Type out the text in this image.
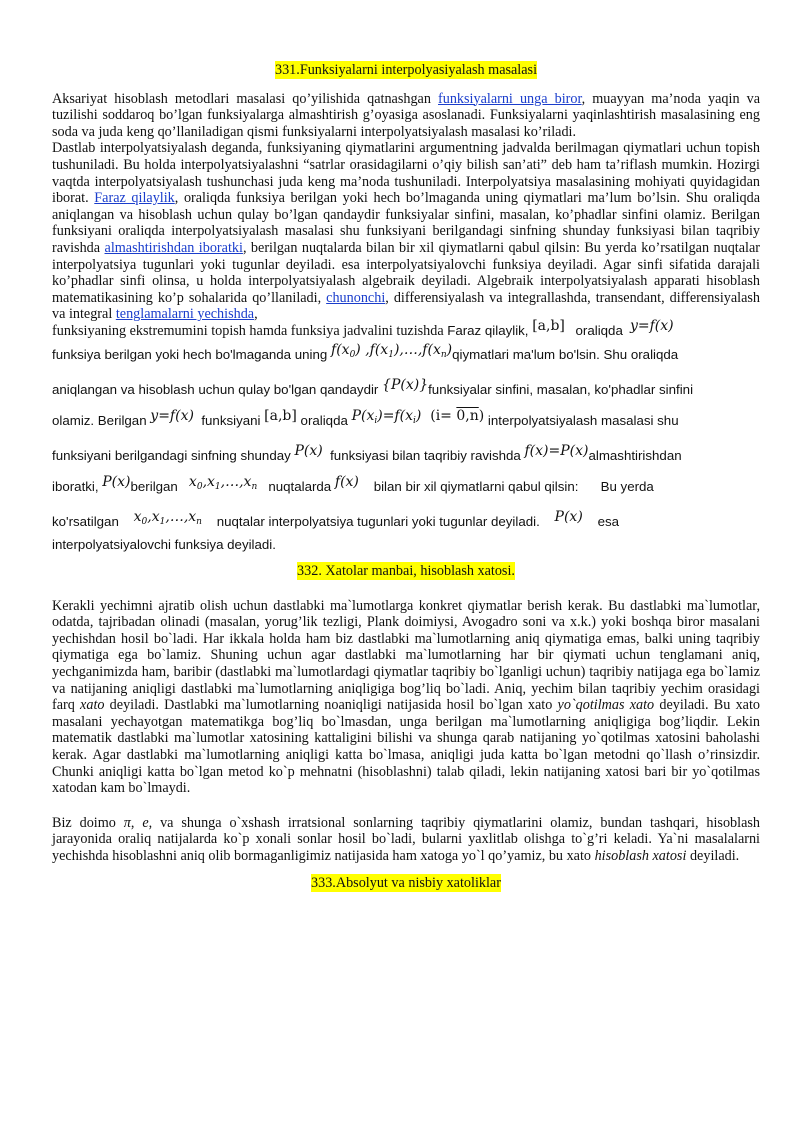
331.Funksiyalarni interpolyasiyalash masalasi

Aksariyat hisoblash metodlari masalasi qo’yilishida qatnashgan funksiyalarni unga biror, muayyan ma’noda yaqin va tuzilishi soddaroq bo’lgan funksiyalarga almashtirish g’oyasiga asoslanadi. Funksiyalarni yaqinlashtirish masalasining eng soda va juda keng qo’llaniladigan qismi funksiyalarni interpolyatsiyalash masalasi ko’riladi.

Dastlab interpolyatsiyalash deganda, funksiyaning qiymatlarini argumentning jadvalda berilmagan qiymatlari uchun topish tushuniladi. Bu holda interpolyatsiyalashni “satrlar orasidagilarni o’qiy bilish san’ati” deb ham ta’riflash mumkin. Hozirgi vaqtda interpolyatsiyalash tushunchasi juda keng ma’noda tushuniladi. Interpolyatsiya masalasining mohiyati quyidagidan iborat. Faraz qilaylik, oraliqda funksiya berilgan yoki hech bo’lmaganda uning qiymatlari ma’lum bo’lsin. Shu oraliqda aniqlangan va hisoblash uchun qulay bo’lgan qandaydir funksiyalar sinfini, masalan, ko’phadlar sinfini olamiz. Berilgan funksiyani oraliqda interpolyatsiyalash masalasi shu funksiyani berilgandagi sinfning shunday funksiyasi bilan taqribiy ravishda almashtirishdan iboratki, berilgan nuqtalarda bilan bir xil qiymatlarni qabul qilsin: Bu yerda ko’rsatilgan nuqtalar interpolyatsiya tugunlari yoki tugunlar deyiladi. esa interpolyatsiyalovchi funksiya deyiladi. Agar sinfi sifatida darajali ko’phadlar sinfi olinsa, u holda interpolyatsiyalash algebraik deyiladi. Algebraik interpolyatsiyalash apparati hisoblash matematikasining ko’p sohalarida qo’llaniladi, chunonchi, differensiyalash va integrallashda, transendant, differensiyalash va integral tenglamalarni yechishda,
funksiyaning ekstremumini topish hamda funksiya jadvalini tuzishda Faraz qilaylik, [a,b] oraliqda y=f(x)

funksiya berilgan yoki hech bo'lmaganda uning $f(x_0)$ $,f(x_1),\dots,f(x_n)qiymatlari$ ma'lum bo'lsin. Shu oraliqda
aniqlangan va hisoblash uchun qulay bo'lgan qandaydir {P(x)}funksiyalar sinfini, masalan, ko'phadlar sinfini
olamiz. Berilgan y=f(x) funksiyani [a,b] oraliqda $P(x_i)=f(x_i)$  (i= 0,n) interpolyatsiyalash masalasi shu
funksiyani berilgandagi sinfning shunday P(x) funksiyasi bilan taqribiy ravishda f(x)=P(x)almashtirishdan
iboratki, P(x)berilgan   $x_0,x_1,\dots,x_n$ nuqtalarda f(x) bilan bir xil qiymatlarni qabul qilsin: Bu yerda
ko'rsatilgan    $x_0,x_1,\dots,x_n$ nuqtalar interpolyatsiya tugunlari yoki tugunlar deyiladi. P(x) esa

interpolyatsiyalovchi funksiya deyiladi.

332. Xatolar manbai, hisoblash xatosi.

Kerakli yechimni ajratib olish uchun dastlabki ma`lumotlarga konkret qiymatlar berish kerak. Bu dastlabki ma`lumotlar, odatda, tajribadan olinadi (masalan, yorug’lik tezligi, Plank doimiysi, Avogadro soni va x.k.) yoki boshqa biror masalani yechishdan hosil bo`ladi. Har ikkala holda ham biz dastlabki ma`lumotlarning aniq qiymatiga emas, balki uning taqribiy qiymatiga ega bo`lamiz. Shuning uchun agar dastlabki ma`lumotlarning har bir qiymati uchun tenglamani aniq, yechganimizda ham, baribir (dastlabki ma`lumotlardagi qiymatlar taqribiy bo`lganligi uchun) taqribiy natijaga ega bo`lamiz va natijaning aniqligi dastlabki ma`lumotlarning aniqligiga bog’liq bo`ladi. Aniq, yechim bilan taqribiy yechim orasidagi farq xato deyiladi. Dastlabki ma`lumotlarning noaniqligi natijasida hosil bo`lgan xato yo`qotilmas xato deyiladi. Bu xato masalani yechayotgan matematikga bog’liq bo`lmasdan, unga berilgan ma`lumotlarning aniqligiga bog’liqdir. Lekin matematik dastlabki ma`lumotlar xatosining kattaligini bilishi va shunga qarab natijaning yo`qotilmas xatosini baholashi kerak. Agar dastlabki ma`lumotlarning aniqligi katta bo`lmasa, aniqligi juda katta bo`lgan metodni qo`llash o’rinsizdir. Chunki aniqligi katta bo`lgan metod ko`p mehnatni (hisoblashni) talab qiladi, lekin natijaning xatosi bari bir yo`qotilmas xatodan kam bo`lmaydi.

Biz doimo π, e, va shunga o`xshash irratsional sonlarning taqribiy qiymatlarini olamiz, bundan tashqari, hisoblash jarayonida oraliq natijalarda ko`p xonali sonlar hosil bo`ladi, bularni yaxlitlab olishga to`g’ri keladi. Ya`ni masalalarni yechishda hisoblashni aniq olib bormaganligimiz natijasida ham xatoga yo`l qo’yamiz, bu xato hisoblash xatosi deyiladi.

333.Absolyut va nisbiy xatoliklar
